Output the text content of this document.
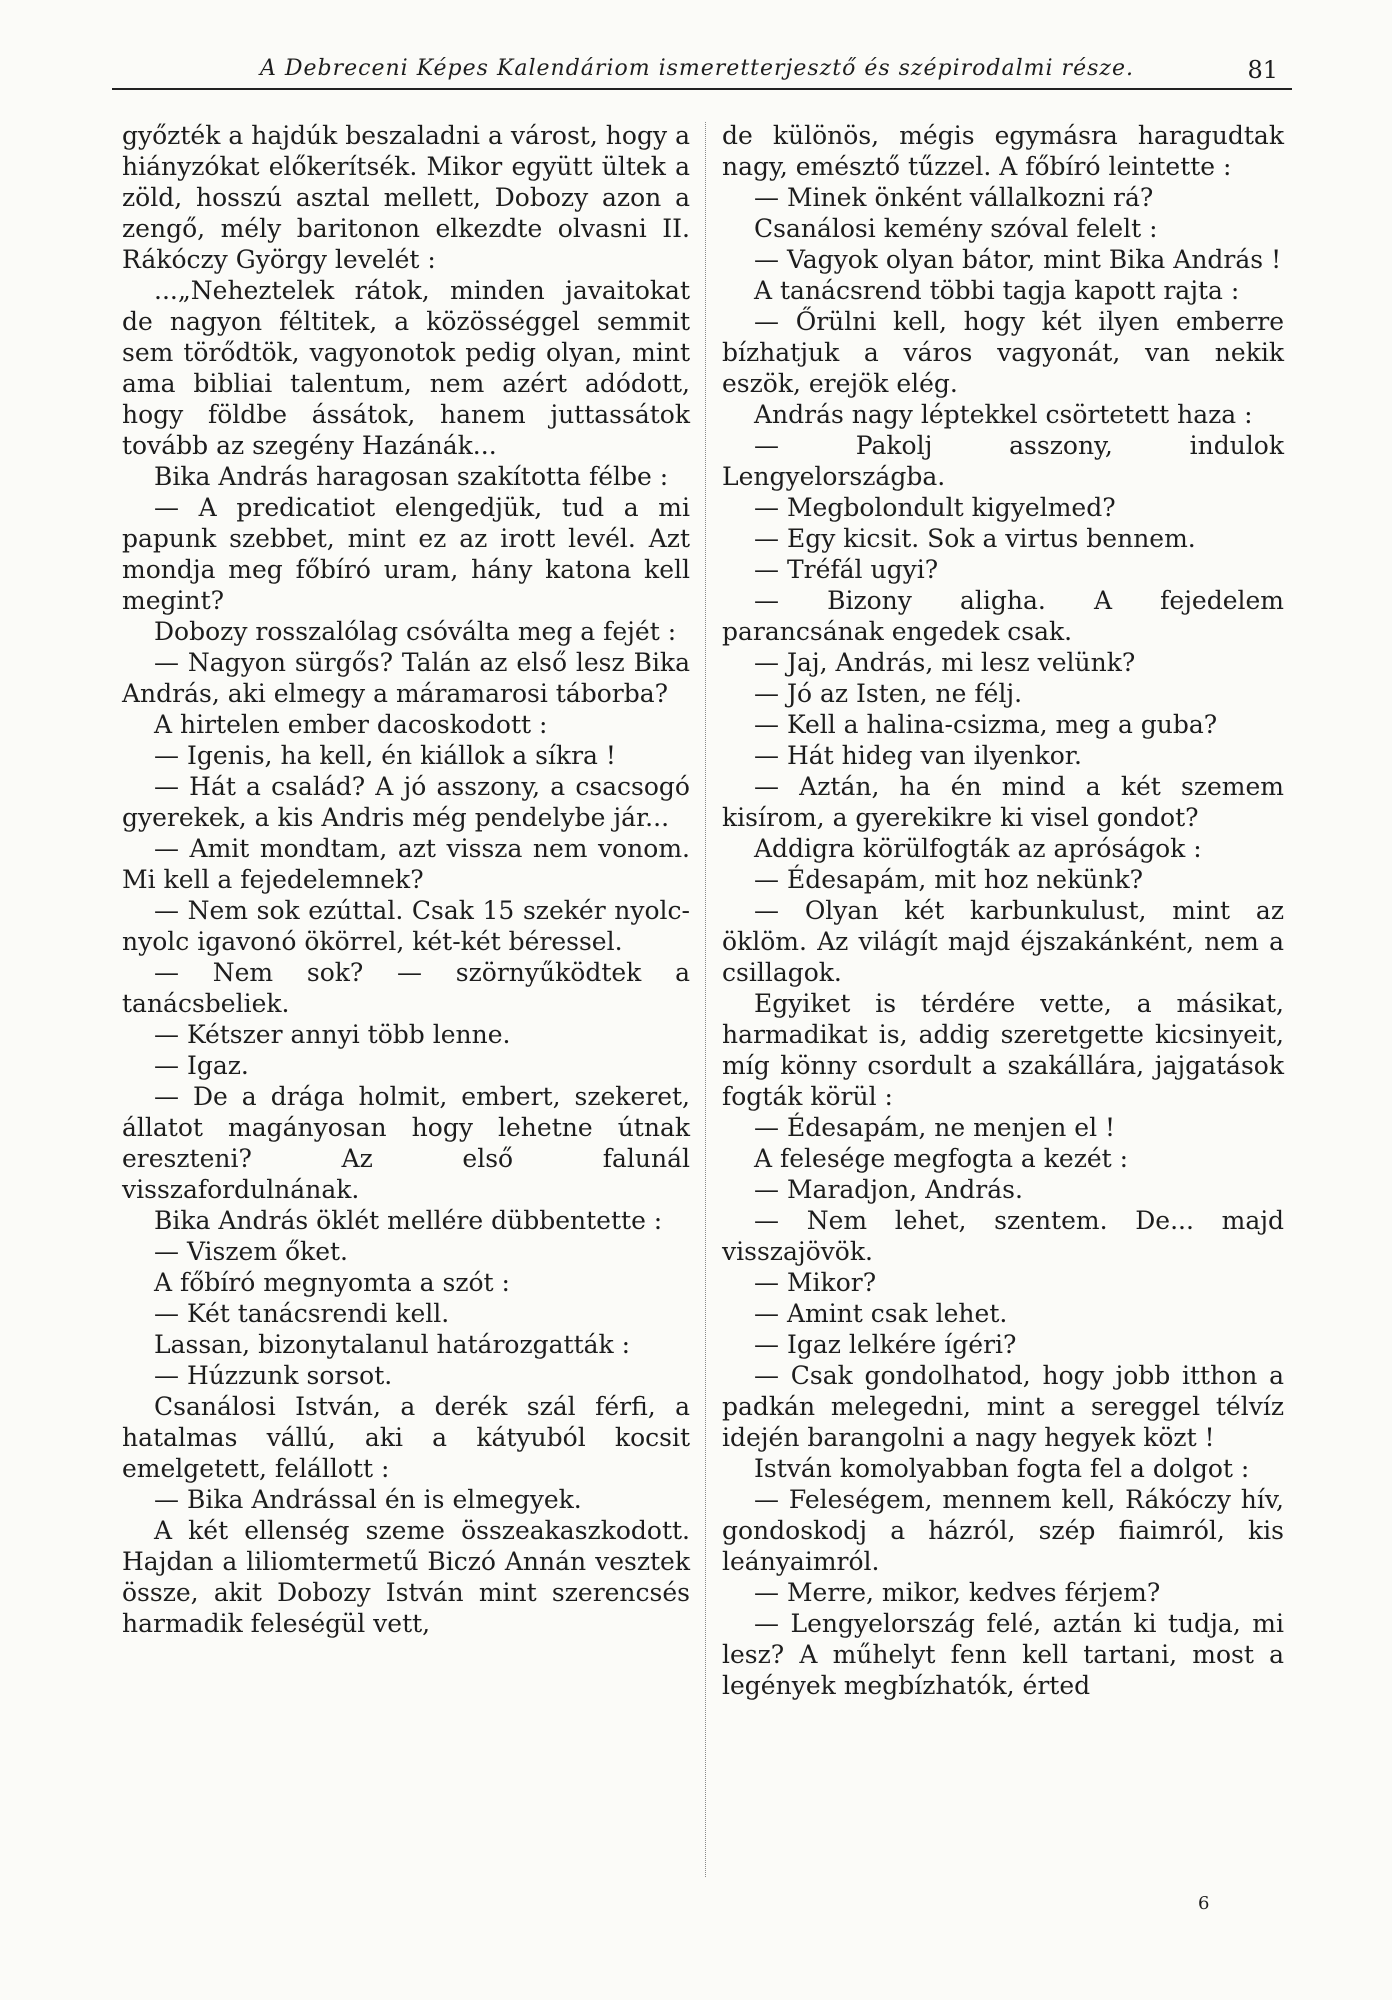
A Debreceni Képes Kalendáriom ismeretterjesztő és szépirodalmi része.	81

győzték a hajdúk beszaladni a várost, hogy a hiányzókat előkerítsék. Mikor együtt ültek a zöld, hosszú asztal mellett, Dobozy azon a zengő, mély baritonon elkezdte olvasni II. Rákóczy György levelét :

...„Neheztelek rátok, minden javaitokat de nagyon féltitek, a közösséggel semmit sem törődtök, vagyonotok pedig olyan, mint ama bibliai talentum, nem azért adódott, hogy földbe ássátok, hanem juttassátok tovább az szegény Hazánák...

Bika András haragosan szakította félbe :

— A predicatiot elengedjük, tud a mi papunk szebbet, mint ez az irott levél. Azt mondja meg főbíró uram, hány katona kell megint?

Dobozy rosszalólag csóválta meg a fejét :

— Nagyon sürgős? Talán az első lesz Bika András, aki elmegy a máramarosi táborba?

A hirtelen ember dacoskodott :

— Igenis, ha kell, én kiállok a síkra !

— Hát a család? A jó asszony, a csacsogó gyerekek, a kis Andris még pendelybe jár...

— Amit mondtam, azt vissza nem vonom. Mi kell a fejedelemnek?

— Nem sok ezúttal. Csak 15 szekér nyolc-nyolc igavonó ökörrel, két-két béressel.

— Nem sok? — szörnyűködtek a tanácsbeliek.

— Kétszer annyi több lenne.

— Igaz.

— De a drága holmit, embert, szekeret, állatot magányosan hogy lehetne útnak ereszteni? Az első falunál visszafordulnának.

Bika András öklét mellére dübbentette :

— Viszem őket.

A főbíró megnyomta a szót :

— Két tanácsrendi kell.

Lassan, bizonytalanul határozgatták :

— Húzzunk sorsot.

Csanálosi István, a derék szál férfi, a hatalmas vállú, aki a kátyuból kocsit emelgetett, felállott :

— Bika Andrással én is elmegyek.

A két ellenség szeme összeakaszkodott. Hajdan a liliomtermetű Biczó Annán vesztek össze, akit Dobozy István mint szerencsés harmadik feleségül vett,

de különös, mégis egymásra haragudtak nagy, emésztő tűzzel. A főbíró leintette :

— Minek önként vállalkozni rá?

Csanálosi kemény szóval felelt :

— Vagyok olyan bátor, mint Bika András !

A tanácsrend többi tagja kapott rajta :

— Őrülni kell, hogy két ilyen emberre bízhatjuk a város vagyonát, van nekik eszök, erejök elég.

András nagy léptekkel csörtetett haza :

— Pakolj asszony, indulok Lengyelországba.

— Megbolondult kigyelmed?

— Egy kicsit. Sok a virtus bennem.

— Tréfál ugyi?

— Bizony aligha. A fejedelem parancsának engedek csak.

— Jaj, András, mi lesz velünk?

— Jó az Isten, ne félj.

— Kell a halina-csizma, meg a guba?

— Hát hideg van ilyenkor.

— Aztán, ha én mind a két szemem kisírom, a gyerekikre ki visel gondot?

Addigra körülfogták az apróságok :

— Édesapám, mit hoz nekünk?

— Olyan két karbunkulust, mint az öklöm. Az világít majd éjszakánként, nem a csillagok.

Egyiket is térdére vette, a másikat, harmadikat is, addig szeretgette kicsinyeit, míg könny csordult a szakállára, jajgatások fogták körül :

— Édesapám, ne menjen el !

A felesége megfogta a kezét :

— Maradjon, András.

— Nem lehet, szentem. De... majd visszajövök.

— Mikor?

— Amint csak lehet.

— Igaz lelkére ígéri?

— Csak gondolhatod, hogy jobb itthon a padkán melegedni, mint a sereggel télvíz idején barangolni a nagy hegyek közt !

István komolyabban fogta fel a dolgot :

— Feleségem, mennem kell, Rákóczy hív, gondoskodj a házról, szép fiaimról, kis leányaimról.

— Merre, mikor, kedves férjem?

— Lengyelország felé, aztán ki tudja, mi lesz? A műhelyt fenn kell tartani, most a legények megbízhatók, érted

6
